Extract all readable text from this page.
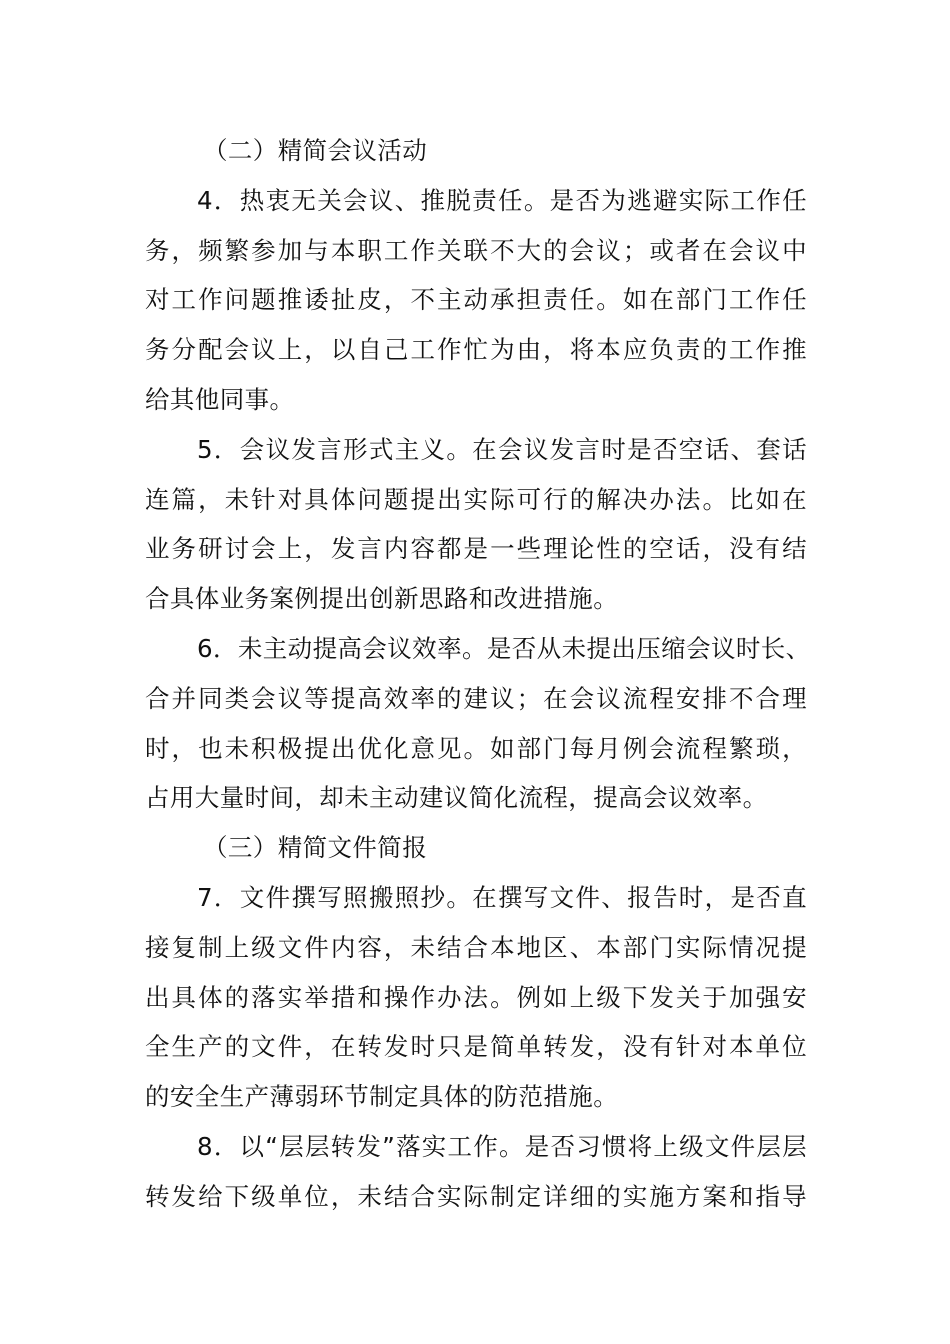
（二）精简会议活动
4．热衷无关会议、推脱责任。是否为逃避实际工作任
务，频繁参加与本职工作关联不大的会议；或者在会议中
对工作问题推诿扯皮，不主动承担责任。如在部门工作任
务分配会议上，以自己工作忙为由，将本应负责的工作推
给其他同事。
5．会议发言形式主义。在会议发言时是否空话、套话
连篇，未针对具体问题提出实际可行的解决办法。比如在
业务研讨会上，发言内容都是一些理论性的空话，没有结
合具体业务案例提出创新思路和改进措施。
6．未主动提高会议效率。是否从未提出压缩会议时长、
合并同类会议等提高效率的建议；在会议流程安排不合理
时，也未积极提出优化意见。如部门每月例会流程繁琐，
占用大量时间，却未主动建议简化流程，提高会议效率。
（三）精简文件简报
7．文件撰写照搬照抄。在撰写文件、报告时，是否直
接复制上级文件内容，未结合本地区、本部门实际情况提
出具体的落实举措和操作办法。例如上级下发关于加强安
全生产的文件，在转发时只是简单转发，没有针对本单位
的安全生产薄弱环节制定具体的防范措施。
8．以“层层转发”落实工作。是否习惯将上级文件层层
转发给下级单位，未结合实际制定详细的实施方案和指导
